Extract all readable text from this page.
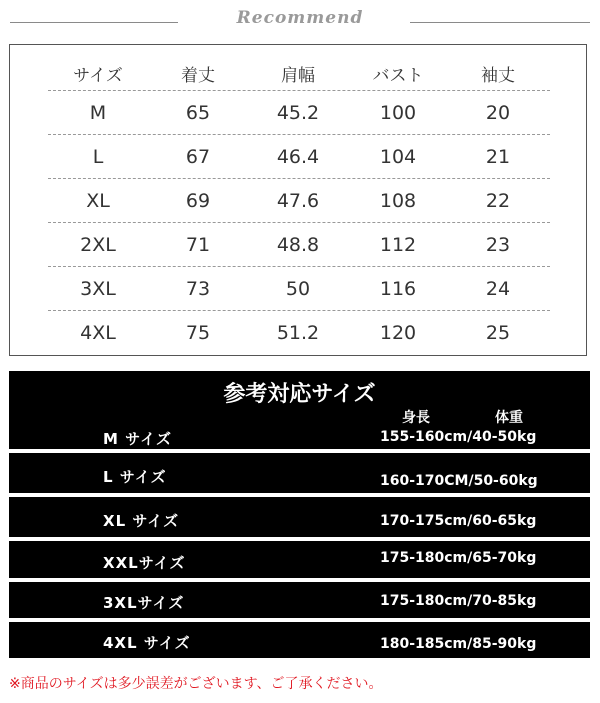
Recommend
サイズ	着丈	肩幅	バスト	袖丈
M	65	45.2	100	20
L	67	46.4	104	21
XL	69	47.6	108	22
2XL	71	48.8	112	23
3XL	73	50	116	24
4XL	75	51.2	120	25
参考対応サイズ
身長	体重
M サイズ	155-160cm/40-50kg
L サイズ	160-170CM/50-60kg
XL サイズ	170-175cm/60-65kg
XXLサイズ	175-180cm/65-70kg
3XLサイズ	175-180cm/70-85kg
4XL サイズ	180-185cm/85-90kg
※商品のサイズは多少誤差がございます、ご了承ください。
